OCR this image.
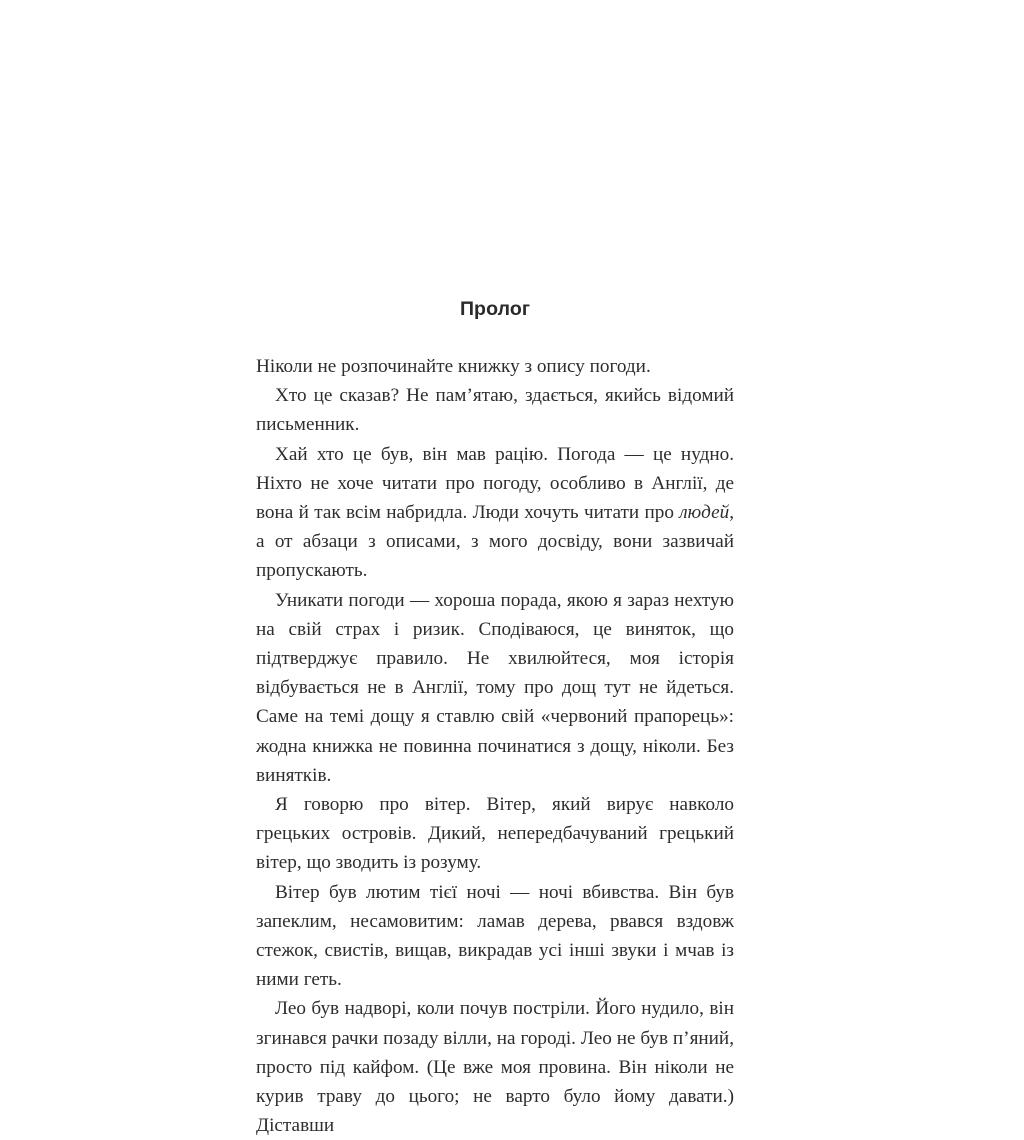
Пролог

Ніколи не розпочинайте книжку з опису погоди.

Хто це сказав? Не пам’ятаю, здається, якийсь відомий письменник.

Хай хто це був, він мав рацію. Погода — це нудно. Ніхто не хоче читати про погоду, особливо в Англії, де вона й так всім набридла. Люди хочуть читати про людей, а от абзаци з описами, з мого досвіду, вони зазвичай пропускають.

Уникати погоди — хороша порада, якою я зараз нехтую на свій страх і ризик. Сподіваюся, це виняток, що підтверджує правило. Не хвилюйтеся, моя історія відбувається не в Англії, тому про дощ тут не йдеться. Саме на темі дощу я ставлю свій «червоний прапорець»: жодна книжка не повинна починатися з дощу, ніколи. Без винятків.

Я говорю про вітер. Вітер, який вирує навколо грецьких островів. Дикий, непередбачуваний грецький вітер, що зводить із розуму.

Вітер був лютим тієї ночі — ночі вбивства. Він був запеклим, несамовитим: ламав дерева, рвався вздовж стежок, свистів, вищав, викрадав усі інші звуки і мчав із ними геть.

Лео був надворі, коли почув постріли. Його нудило, він згинався рачки позаду вілли, на городі. Лео не був п’яний, просто під кайфом. (Це вже моя провина. Він ніколи не курив траву до цього; не варто було йому давати.) Діставши
